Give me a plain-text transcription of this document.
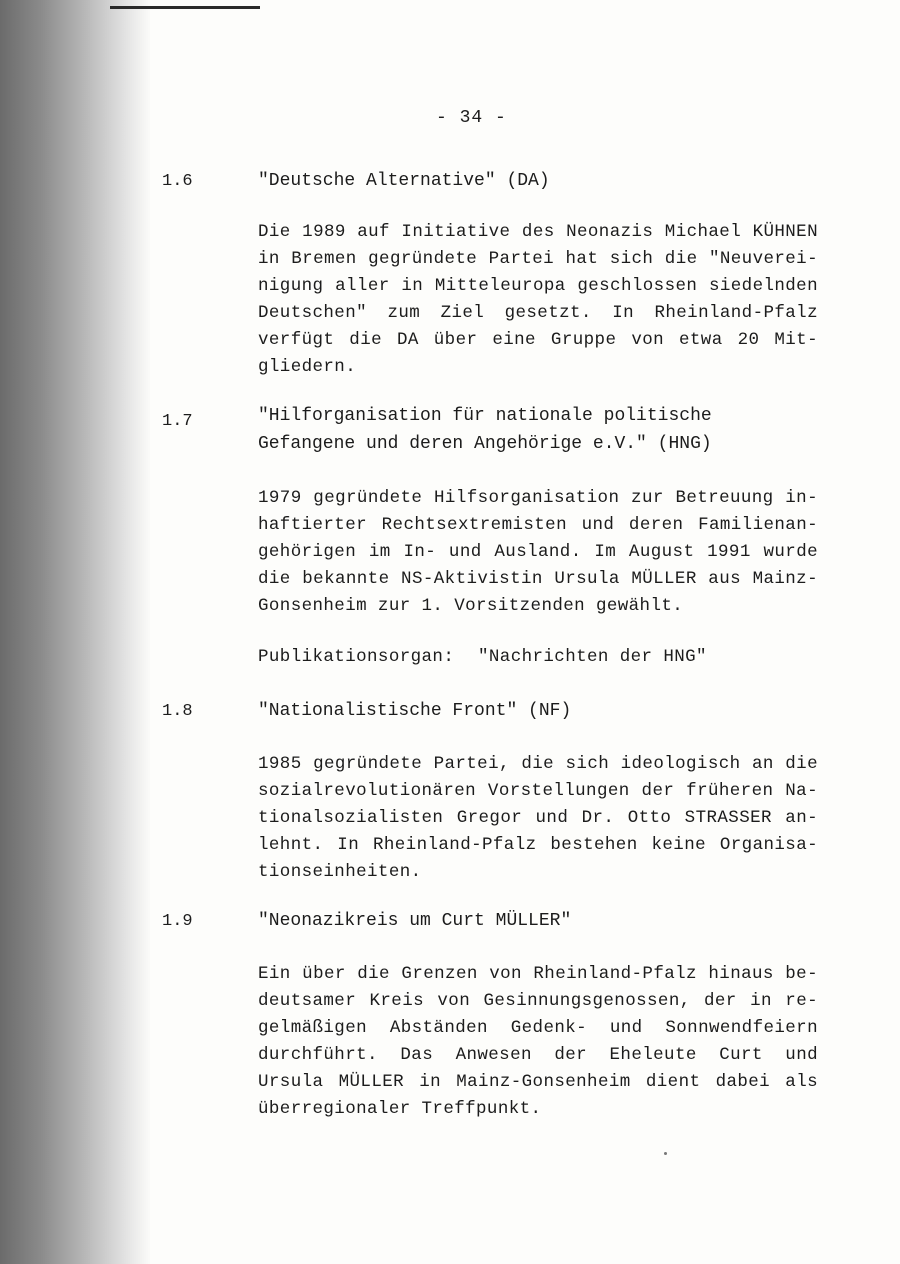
- 34 -
1.6	"Deutsche Alternative" (DA)
Die 1989 auf Initiative des Neonazis Michael KÜHNEN
in Bremen gegründete Partei hat sich die "Neuverei-
nigung aller in Mitteleuropa geschlossen siedelnden
Deutschen" zum Ziel gesetzt. In Rheinland-Pfalz
verfügt die DA über eine Gruppe von etwa 20 Mit-
gliedern.
1.7	"Hilforganisation für nationale politische
Gefangene und deren Angehörige e.V." (HNG)
1979 gegründete Hilfsorganisation zur Betreuung in-
haftierter Rechtsextremisten und deren Familienan-
gehörigen im In- und Ausland. Im August 1991 wurde
die bekannte NS-Aktivistin Ursula MÜLLER aus Mainz-
Gonsenheim zur 1. Vorsitzenden gewählt.
Publikationsorgan: "Nachrichten der HNG"
1.8	"Nationalistische Front" (NF)
1985 gegründete Partei, die sich ideologisch an die
sozialrevolutionären Vorstellungen der früheren Na-
tionalsozialisten Gregor und Dr. Otto STRASSER an-
lehnt. In Rheinland-Pfalz bestehen keine Organisa-
tionseinheiten.
1.9	"Neonazikreis um Curt MÜLLER"
Ein über die Grenzen von Rheinland-Pfalz hinaus be-
deutsamer Kreis von Gesinnungsgenossen, der in re-
gelmäßigen Abständen Gedenk- und Sonnwendfeiern
durchführt. Das Anwesen der Eheleute Curt und
Ursula MÜLLER in Mainz-Gonsenheim dient dabei als
überregionaler Treffpunkt.
